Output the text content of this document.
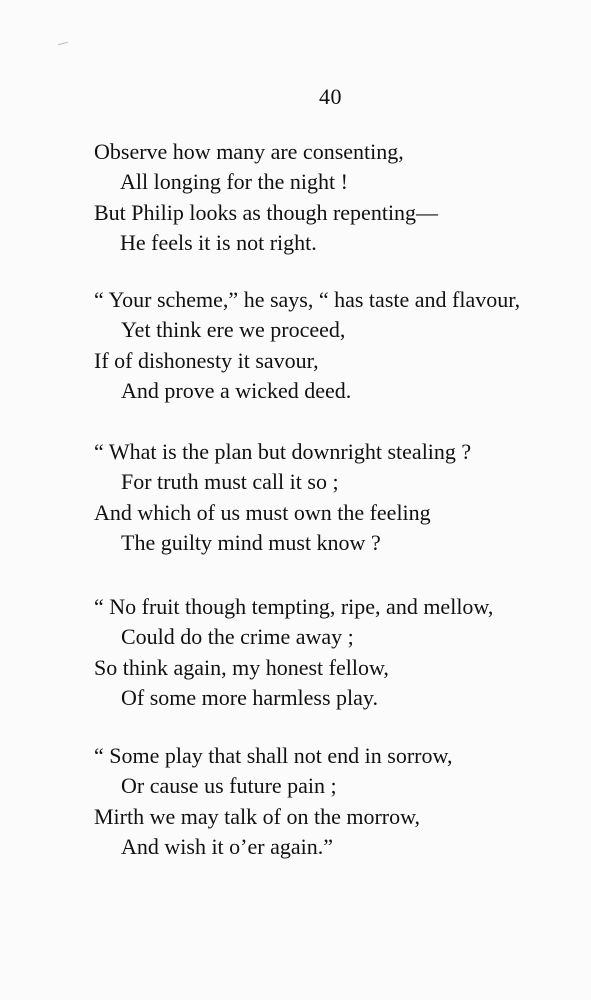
40
Observe how many are consenting,
All longing for the night !
But Philip looks as though repenting—
He feels it is not right.
“ Your scheme,” he says, “ has taste and flavour,
Yet think ere we proceed,
If of dishonesty it savour,
And prove a wicked deed.
“ What is the plan but downright stealing ?
For truth must call it so ;
And which of us must own the feeling
The guilty mind must know ?
“ No fruit though tempting, ripe, and mellow,
Could do the crime away ;
So think again, my honest fellow,
Of some more harmless play.
“ Some play that shall not end in sorrow,
Or cause us future pain ;
Mirth we may talk of on the morrow,
And wish it o’er again.”
